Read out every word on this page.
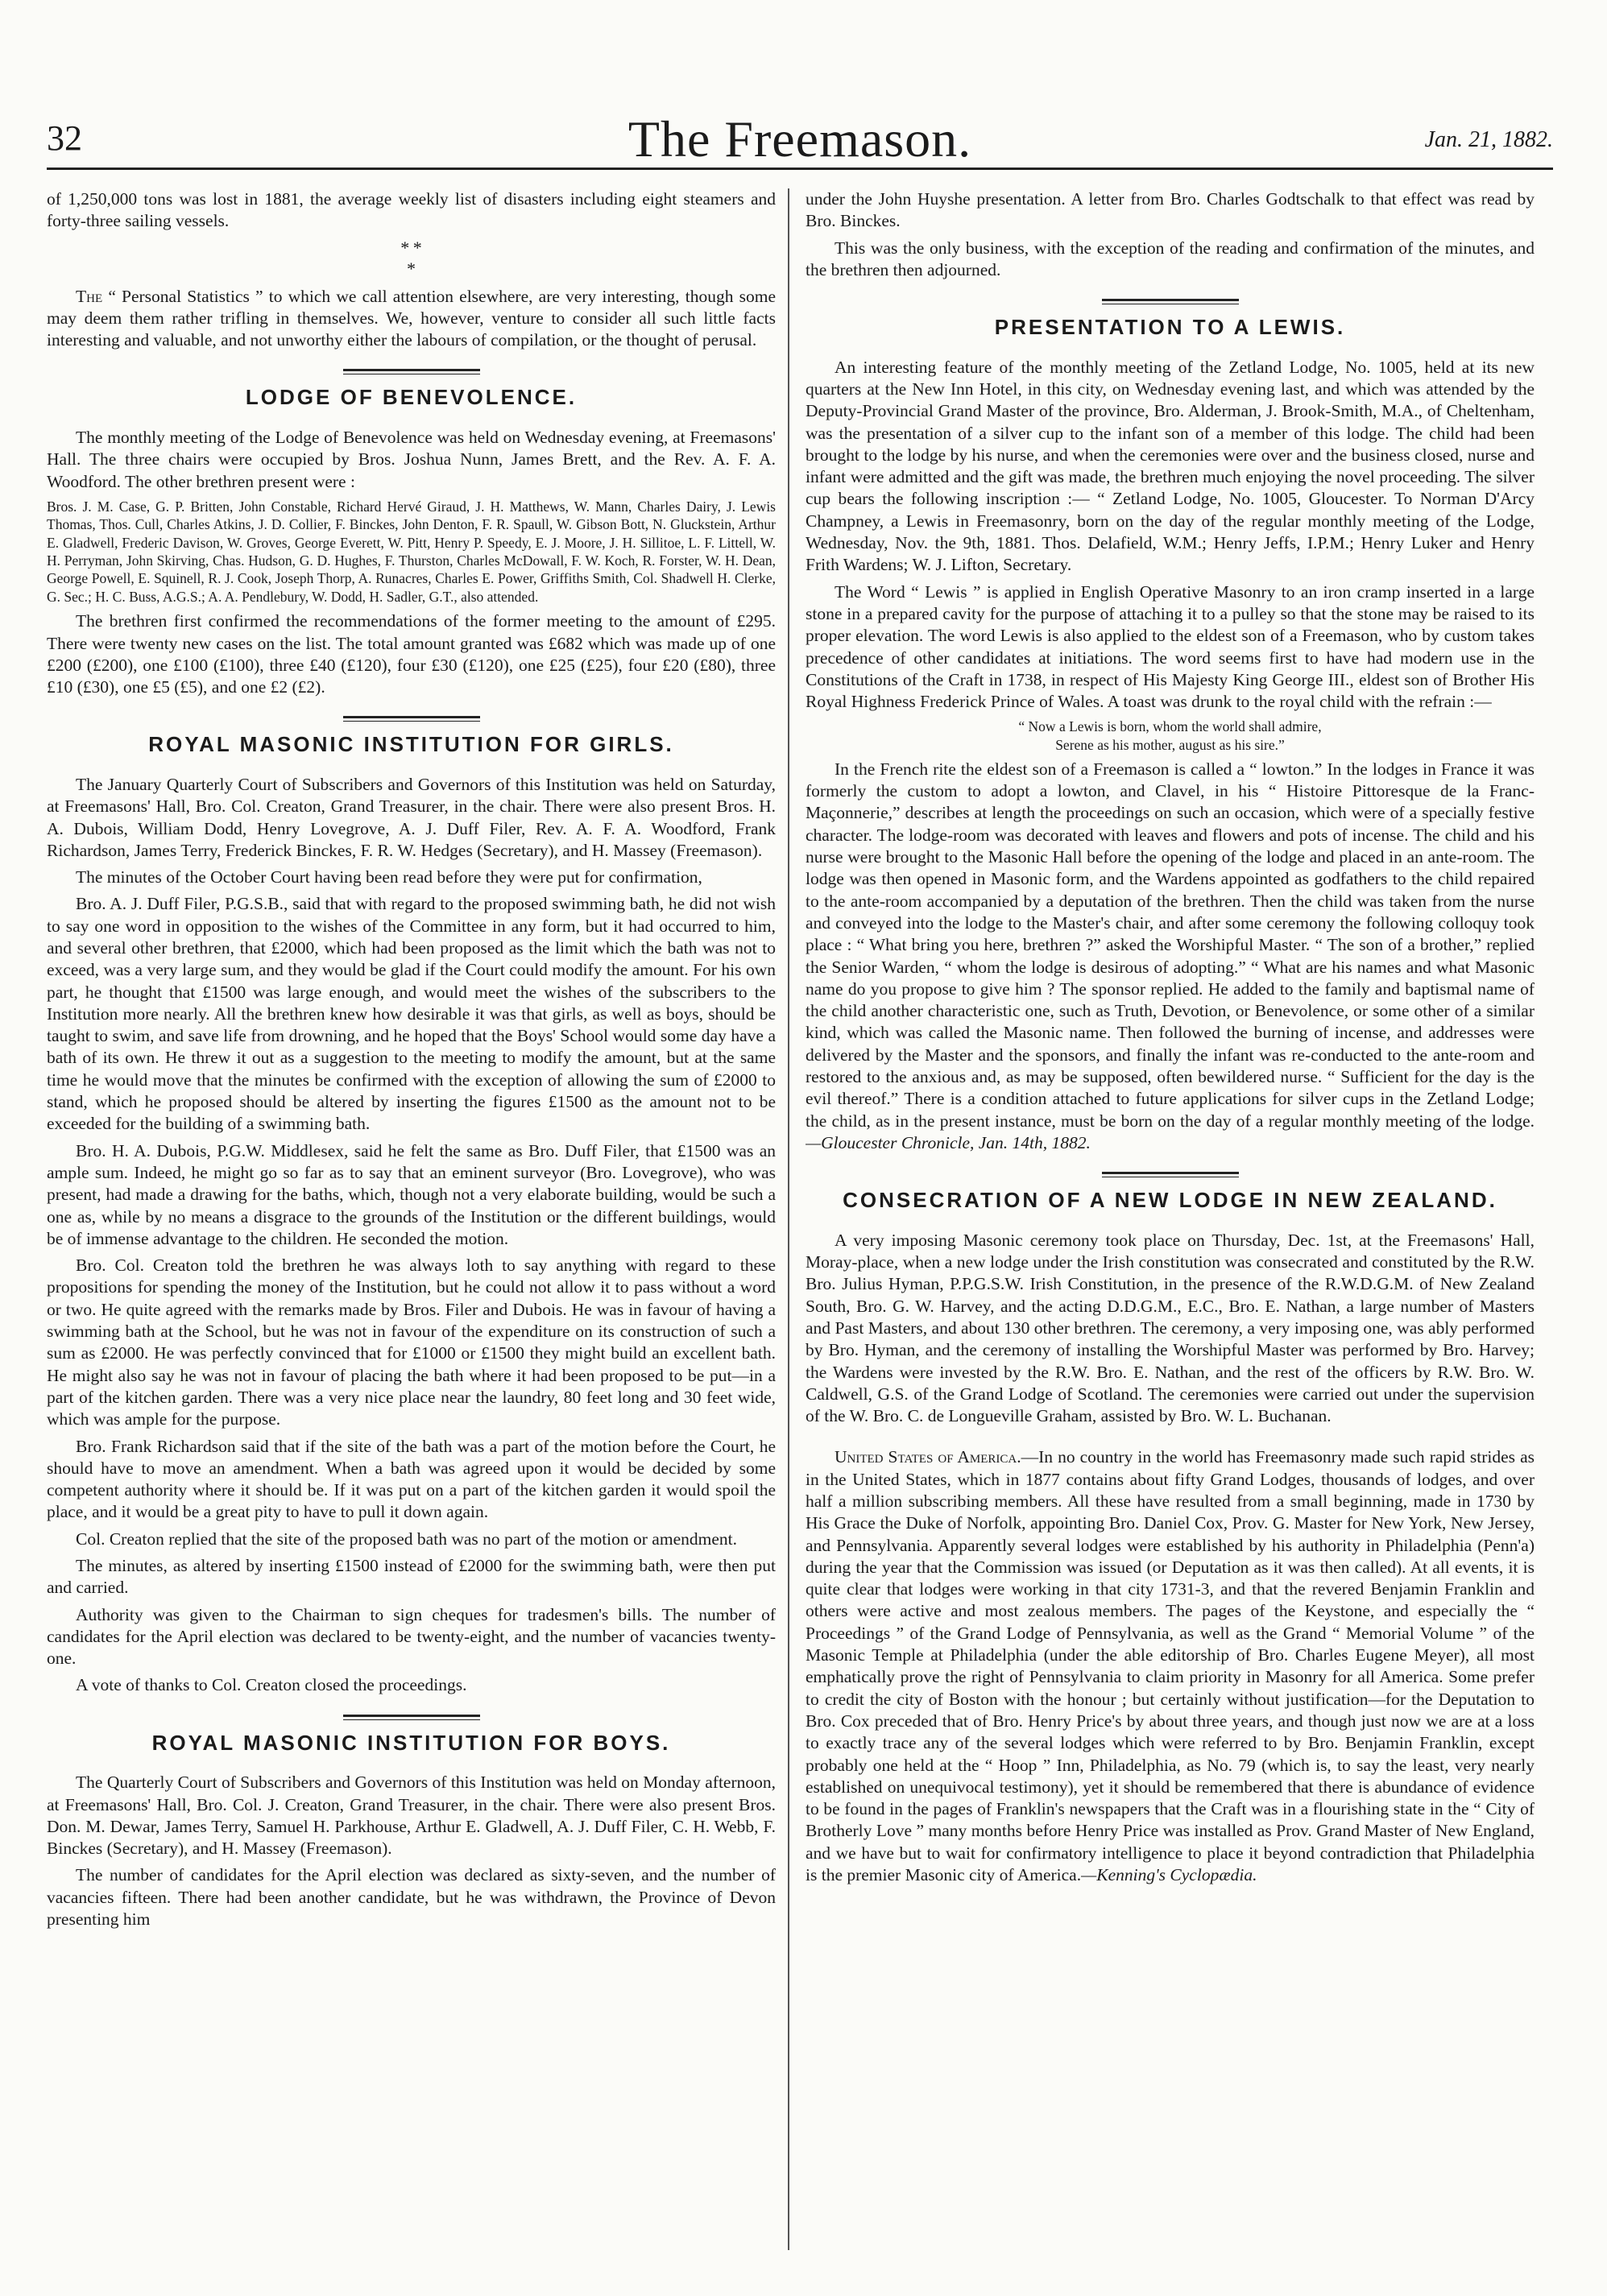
32	The Freemason.	Jan. 21, 1882.

of 1,250,000 tons was lost in 1881, the average weekly list of disasters including eight steamers and forty-three sailing vessels.

* *
*

The “ Personal Statistics ” to which we call attention elsewhere, are very interesting, though some may deem them rather trifling in themselves. We, however, venture to consider all such little facts interesting and valuable, and not unworthy either the labours of compilation, or the thought of perusal.

LODGE OF BENEVOLENCE.

The monthly meeting of the Lodge of Benevolence was held on Wednesday evening, at Freemasons' Hall. The three chairs were occupied by Bros. Joshua Nunn, James Brett, and the Rev. A. F. A. Woodford. The other brethren present were :

Bros. J. M. Case, G. P. Britten, John Constable, Richard Hervé Giraud, J. H. Matthews, W. Mann, Charles Dairy, J. Lewis Thomas, Thos. Cull, Charles Atkins, J. D. Collier, F. Binckes, John Denton, F. R. Spaull, W. Gibson Bott, N. Gluckstein, Arthur E. Gladwell, Frederic Davison, W. Groves, George Everett, W. Pitt, Henry P. Speedy, E. J. Moore, J. H. Sillitoe, L. F. Littell, W. H. Perryman, John Skirving, Chas. Hudson, G. D. Hughes, F. Thurston, Charles McDowall, F. W. Koch, R. Forster, W. H. Dean, George Powell, E. Squinell, R. J. Cook, Joseph Thorp, A. Runacres, Charles E. Power, Griffiths Smith, Col. Shadwell H. Clerke, G. Sec.; H. C. Buss, A.G.S.; A. A. Pendlebury, W. Dodd, H. Sadler, G.T., also attended.

The brethren first confirmed the recommendations of the former meeting to the amount of £295. There were twenty new cases on the list. The total amount granted was £682 which was made up of one £200 (£200), one £100 (£100), three £40 (£120), four £30 (£120), one £25 (£25), four £20 (£80), three £10 (£30), one £5 (£5), and one £2 (£2).

ROYAL MASONIC INSTITUTION FOR GIRLS.

The January Quarterly Court of Subscribers and Governors of this Institution was held on Saturday, at Freemasons' Hall, Bro. Col. Creaton, Grand Treasurer, in the chair. There were also present Bros. H. A. Dubois, William Dodd, Henry Lovegrove, A. J. Duff Filer, Rev. A. F. A. Woodford, Frank Richardson, James Terry, Frederick Binckes, F. R. W. Hedges (Secretary), and H. Massey (Freemason).

The minutes of the October Court having been read before they were put for confirmation,

Bro. A. J. Duff Filer, P.G.S.B., said that with regard to the proposed swimming bath, he did not wish to say one word in opposition to the wishes of the Committee in any form, but it had occurred to him, and several other brethren, that £2000, which had been proposed as the limit which the bath was not to exceed, was a very large sum, and they would be glad if the Court could modify the amount. For his own part, he thought that £1500 was large enough, and would meet the wishes of the subscribers to the Institution more nearly. All the brethren knew how desirable it was that girls, as well as boys, should be taught to swim, and save life from drowning, and he hoped that the Boys' School would some day have a bath of its own. He threw it out as a suggestion to the meeting to modify the amount, but at the same time he would move that the minutes be confirmed with the exception of allowing the sum of £2000 to stand, which he proposed should be altered by inserting the figures £1500 as the amount not to be exceeded for the building of a swimming bath.

Bro. H. A. Dubois, P.G.W. Middlesex, said he felt the same as Bro. Duff Filer, that £1500 was an ample sum. Indeed, he might go so far as to say that an eminent surveyor (Bro. Lovegrove), who was present, had made a drawing for the baths, which, though not a very elaborate building, would be such a one as, while by no means a disgrace to the grounds of the Institution or the different buildings, would be of immense advantage to the children. He seconded the motion.

Bro. Col. Creaton told the brethren he was always loth to say anything with regard to these propositions for spending the money of the Institution, but he could not allow it to pass without a word or two. He quite agreed with the remarks made by Bros. Filer and Dubois. He was in favour of having a swimming bath at the School, but he was not in favour of the expenditure on its construction of such a sum as £2000. He was perfectly convinced that for £1000 or £1500 they might build an excellent bath. He might also say he was not in favour of placing the bath where it had been proposed to be put—in a part of the kitchen garden. There was a very nice place near the laundry, 80 feet long and 30 feet wide, which was ample for the purpose.

Bro. Frank Richardson said that if the site of the bath was a part of the motion before the Court, he should have to move an amendment. When a bath was agreed upon it would be decided by some competent authority where it should be. If it was put on a part of the kitchen garden it would spoil the place, and it would be a great pity to have to pull it down again.

Col. Creaton replied that the site of the proposed bath was no part of the motion or amendment.

The minutes, as altered by inserting £1500 instead of £2000 for the swimming bath, were then put and carried.

Authority was given to the Chairman to sign cheques for tradesmen's bills. The number of candidates for the April election was declared to be twenty-eight, and the number of vacancies twenty-one.

A vote of thanks to Col. Creaton closed the proceedings.

ROYAL MASONIC INSTITUTION FOR BOYS.

The Quarterly Court of Subscribers and Governors of this Institution was held on Monday afternoon, at Freemasons' Hall, Bro. Col. J. Creaton, Grand Treasurer, in the chair. There were also present Bros. Don. M. Dewar, James Terry, Samuel H. Parkhouse, Arthur E. Gladwell, A. J. Duff Filer, C. H. Webb, F. Binckes (Secretary), and H. Massey (Freemason).

The number of candidates for the April election was declared as sixty-seven, and the number of vacancies fifteen. There had been another candidate, but he was withdrawn, the Province of Devon presenting him

under the John Huyshe presentation. A letter from Bro. Charles Godtschalk to that effect was read by Bro. Binckes.

This was the only business, with the exception of the reading and confirmation of the minutes, and the brethren then adjourned.

PRESENTATION TO A LEWIS.

An interesting feature of the monthly meeting of the Zetland Lodge, No. 1005, held at its new quarters at the New Inn Hotel, in this city, on Wednesday evening last, and which was attended by the Deputy-Provincial Grand Master of the province, Bro. Alderman, J. Brook-Smith, M.A., of Cheltenham, was the presentation of a silver cup to the infant son of a member of this lodge. The child had been brought to the lodge by his nurse, and when the ceremonies were over and the business closed, nurse and infant were admitted and the gift was made, the brethren much enjoying the novel proceeding. The silver cup bears the following inscription :— “ Zetland Lodge, No. 1005, Gloucester. To Norman D'Arcy Champney, a Lewis in Freemasonry, born on the day of the regular monthly meeting of the Lodge, Wednesday, Nov. the 9th, 1881. Thos. Delafield, W.M.; Henry Jeffs, I.P.M.; Henry Luker and Henry Frith Wardens; W. J. Lifton, Secretary.

The Word “ Lewis ” is applied in English Operative Masonry to an iron cramp inserted in a large stone in a prepared cavity for the purpose of attaching it to a pulley so that the stone may be raised to its proper elevation. The word Lewis is also applied to the eldest son of a Freemason, who by custom takes precedence of other candidates at initiations. The word seems first to have had modern use in the Constitutions of the Craft in 1738, in respect of His Majesty King George III., eldest son of Brother His Royal Highness Frederick Prince of Wales. A toast was drunk to the royal child with the refrain :—

“ Now a Lewis is born, whom the world shall admire,
Serene as his mother, august as his sire.”

In the French rite the eldest son of a Freemason is called a “ lowton.” In the lodges in France it was formerly the custom to adopt a lowton, and Clavel, in his “ Histoire Pittoresque de la Franc-Maçonnerie,” describes at length the proceedings on such an occasion, which were of a specially festive character. The lodge-room was decorated with leaves and flowers and pots of incense. The child and his nurse were brought to the Masonic Hall before the opening of the lodge and placed in an ante-room. The lodge was then opened in Masonic form, and the Wardens appointed as godfathers to the child repaired to the ante-room accompanied by a deputation of the brethren. Then the child was taken from the nurse and conveyed into the lodge to the Master's chair, and after some ceremony the following colloquy took place : “ What bring you here, brethren ?” asked the Worshipful Master. “ The son of a brother,” replied the Senior Warden, “ whom the lodge is desirous of adopting.” “ What are his names and what Masonic name do you propose to give him ? The sponsor replied. He added to the family and baptismal name of the child another characteristic one, such as Truth, Devotion, or Benevolence, or some other of a similar kind, which was called the Masonic name. Then followed the burning of incense, and addresses were delivered by the Master and the sponsors, and finally the infant was re-conducted to the ante-room and restored to the anxious and, as may be supposed, often bewildered nurse. “ Sufficient for the day is the evil thereof.” There is a condition attached to future applications for silver cups in the Zetland Lodge; the child, as in the present instance, must be born on the day of a regular monthly meeting of the lodge.—Gloucester Chronicle, Jan. 14th, 1882.

CONSECRATION OF A NEW LODGE IN NEW ZEALAND.

A very imposing Masonic ceremony took place on Thursday, Dec. 1st, at the Freemasons' Hall, Moray-place, when a new lodge under the Irish constitution was consecrated and constituted by the R.W. Bro. Julius Hyman, P.P.G.S.W. Irish Constitution, in the presence of the R.W.D.G.M. of New Zealand South, Bro. G. W. Harvey, and the acting D.D.G.M., E.C., Bro. E. Nathan, a large number of Masters and Past Masters, and about 130 other brethren. The ceremony, a very imposing one, was ably performed by Bro. Hyman, and the ceremony of installing the Worshipful Master was performed by Bro. Harvey; the Wardens were invested by the R.W. Bro. E. Nathan, and the rest of the officers by R.W. Bro. W. Caldwell, G.S. of the Grand Lodge of Scotland. The ceremonies were carried out under the supervision of the W. Bro. C. de Longueville Graham, assisted by Bro. W. L. Buchanan.

United States of America.—In no country in the world has Freemasonry made such rapid strides as in the United States, which in 1877 contains about fifty Grand Lodges, thousands of lodges, and over half a million subscribing members. All these have resulted from a small beginning, made in 1730 by His Grace the Duke of Norfolk, appointing Bro. Daniel Cox, Prov. G. Master for New York, New Jersey, and Pennsylvania. Apparently several lodges were established by his authority in Philadelphia (Penn'a) during the year that the Commission was issued (or Deputation as it was then called). At all events, it is quite clear that lodges were working in that city 1731-3, and that the revered Benjamin Franklin and others were active and most zealous members. The pages of the Keystone, and especially the “ Proceedings ” of the Grand Lodge of Pennsylvania, as well as the Grand “ Memorial Volume ” of the Masonic Temple at Philadelphia (under the able editorship of Bro. Charles Eugene Meyer), all most emphatically prove the right of Pennsylvania to claim priority in Masonry for all America. Some prefer to credit the city of Boston with the honour ; but certainly without justification—for the Deputation to Bro. Cox preceded that of Bro. Henry Price's by about three years, and though just now we are at a loss to exactly trace any of the several lodges which were referred to by Bro. Benjamin Franklin, except probably one held at the “ Hoop ” Inn, Philadelphia, as No. 79 (which is, to say the least, very nearly established on unequivocal testimony), yet it should be remembered that there is abundance of evidence to be found in the pages of Franklin's newspapers that the Craft was in a flourishing state in the “ City of Brotherly Love ” many months before Henry Price was installed as Prov. Grand Master of New England, and we have but to wait for confirmatory intelligence to place it beyond contradiction that Philadelphia is the premier Masonic city of America.—Kenning's Cyclopædia.
